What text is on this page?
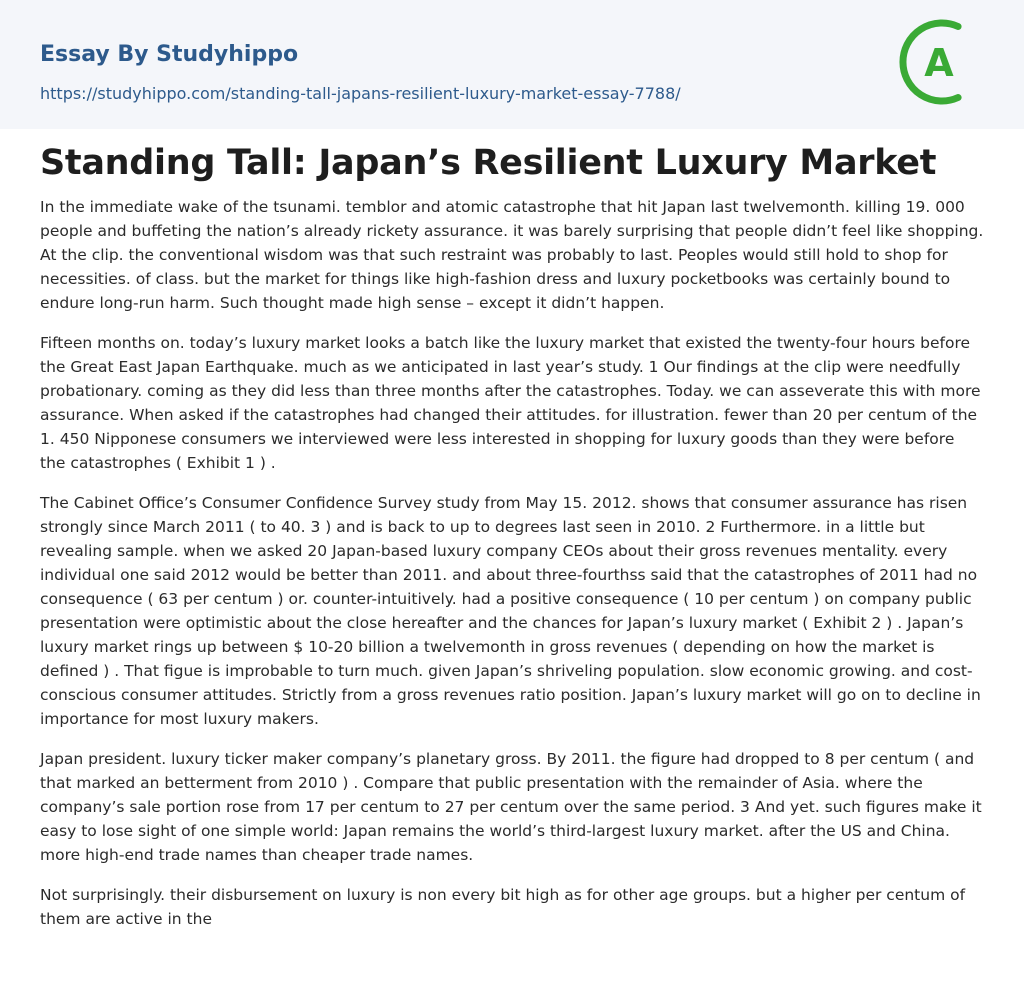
Essay By Studyhippo
https://studyhippo.com/standing-tall-japans-resilient-luxury-market-essay-7788/
A
Standing Tall: Japan’s Resilient Luxury Market

In the immediate wake of the tsunami. temblor and atomic catastrophe that hit Japan last twelvemonth. killing 19. 000 people and buffeting the nation’s already rickety assurance. it was barely surprising that people didn’t feel like shopping. At the clip. the conventional wisdom was that such restraint was probably to last. Peoples would still hold to shop for necessities. of class. but the market for things like high-fashion dress and luxury pocketbooks was certainly bound to endure long-run harm. Such thought made high sense – except it didn’t happen.

Fifteen months on. today’s luxury market looks a batch like the luxury market that existed the twenty-four hours before the Great East Japan Earthquake. much as we anticipated in last year’s study. 1 Our findings at the clip were needfully probationary. coming as they did less than three months after the catastrophes. Today. we can asseverate this with more assurance. When asked if the catastrophes had changed their attitudes. for illustration. fewer than 20 per centum of the 1. 450 Nipponese consumers we interviewed were less interested in shopping for luxury goods than they were before the catastrophes ( Exhibit 1 ) .

The Cabinet Office’s Consumer Confidence Survey study from May 15. 2012. shows that consumer assurance has risen strongly since March 2011 ( to 40. 3 ) and is back to up to degrees last seen in 2010. 2 Furthermore. in a little but revealing sample. when we asked 20 Japan-based luxury company CEOs about their gross revenues mentality. every individual one said 2012 would be better than 2011. and about three-fourthss said that the catastrophes of 2011 had no consequence ( 63 per centum ) or. counter-intuitively. had a positive consequence ( 10 per centum ) on company public presentation were optimistic about the close hereafter and the chances for Japan’s luxury market ( Exhibit 2 ) . Japan’s luxury market rings up between $ 10-20 billion a twelvemonth in gross revenues ( depending on how the market is defined ) . That figue is improbable to turn much. given Japan’s shriveling population. slow economic growing. and cost-conscious consumer attitudes. Strictly from a gross revenues ratio position. Japan’s luxury market will go on to decline in importance for most luxury makers.

Japan president. luxury ticker maker company’s planetary gross. By 2011. the figure had dropped to 8 per centum ( and that marked an betterment from 2010 ) . Compare that public presentation with the remainder of Asia. where the company’s sale portion rose from 17 per centum to 27 per centum over the same period. 3 And yet. such figures make it easy to lose sight of one simple world: Japan remains the world’s third-largest luxury market. after the US and China. more high-end trade names than cheaper trade names.

Not surprisingly. their disbursement on luxury is non every bit high as for other age groups. but a higher per centum of them are active in the
